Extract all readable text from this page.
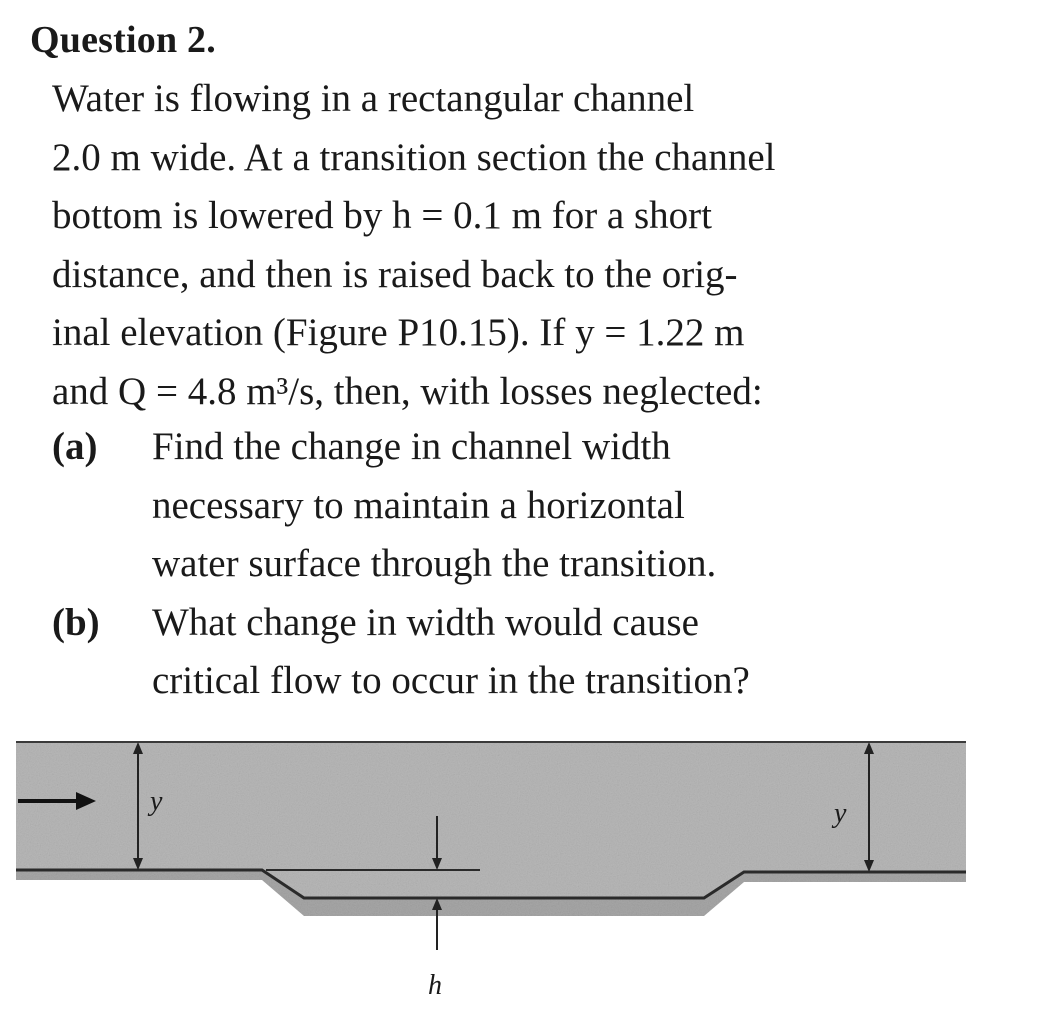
Question 2.
Water is flowing in a rectangular channel
2.0 m wide. At a transition section the channel
bottom is lowered by h = 0.1 m for a short
distance, and then is raised back to the orig-
inal elevation (Figure P10.15). If y = 1.22 m
and Q = 4.8 m³/s, then, with losses neglected:
(a) Find the change in channel width
necessary to maintain a horizontal
water surface through the transition.
(b) What change in width would cause
critical flow to occur in the transition?
y	y
h
